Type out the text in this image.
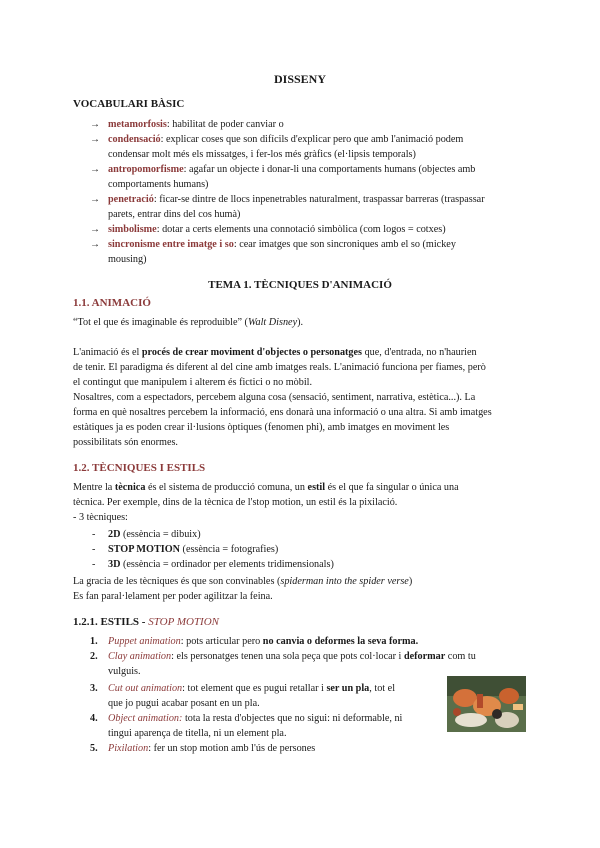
DISSENY
VOCABULARI BÀSIC
→ metamorfosis: habilitat de poder canviar o
→ condensació: explicar coses que son difícils d'explicar pero que amb l'animació podem
condensar molt més els missatges, i fer-los més gràfics (el·lipsis temporals)
→ antropomorfisme: agafar un objecte i donar-li una comportaments humans (objectes amb
comportaments humans)
→ penetració: ficar-se dintre de llocs inpenetrables naturalment, traspassar barreras (traspassar
parets, entrar dins del cos humà)
→ simbolisme: dotar a certs elements una connotació simbòlica (com logos = cotxes)
→ sincronisme entre imatge i so: cear imatges que son sincroniques amb el so (mickey
mousing)
TEMA 1. TÈCNIQUES D'ANIMACIÓ
1.1. ANIMACIÓ
“Tot el que és imaginable és reproduible” (Walt Disney).
L'animació és el procés de crear moviment d'objectes o personatges que, d'entrada, no n'haurien
de tenir. El paradigma és diferent al del cine amb imatges reals. L'animació funciona per fiames, però
el contingut que manipulem i alterem és fictici o no mòbil.
Nosaltres, com a espectadors, percebem alguna cosa (sensació, sentiment, narrativa, estètica...). La
forma en què nosaltres percebem la informació, ens donarà una informació o una altra. Si amb imatges
estàtiques ja es poden crear il·lusions òptiques (fenomen phi), amb imatges en moviment les
possibilitats són enormes.
1.2. TÈCNIQUES I ESTILS
Mentre la tècnica és el sistema de producció comuna, un estil és el que fa singular o única una
tècnica. Per exemple, dins de la tècnica de l'stop motion, un estil és la pixilació.
- 3 tècniques:
- 2D (essència = dibuix)
- STOP MOTION (essència = fotografies)
- 3D (essència = ordinador per elements tridimensionals)
La gracia de les tècniques és que son convinables (spiderman into the spider verse)
Es fan paral·lelament per poder agilitzar la feina.
1.2.1. ESTILS - STOP MOTION
1. Puppet animation: pots articular pero no canvia o deformes la seva forma.
2. Clay animation: els personatges tenen una sola peça que pots col·locar i deformar com tu
vulguis.
3. Cut out animation: tot element que es pugui retallar i ser un pla, tot el
que jo pugui acabar posant en un pla.
4. Object animation: tota la resta d'objectes que no sigui: ni deformable, ni
tingui aparença de titella, ni un element pla.
5. Pixilation: fer un stop motion amb l'ús de persones
